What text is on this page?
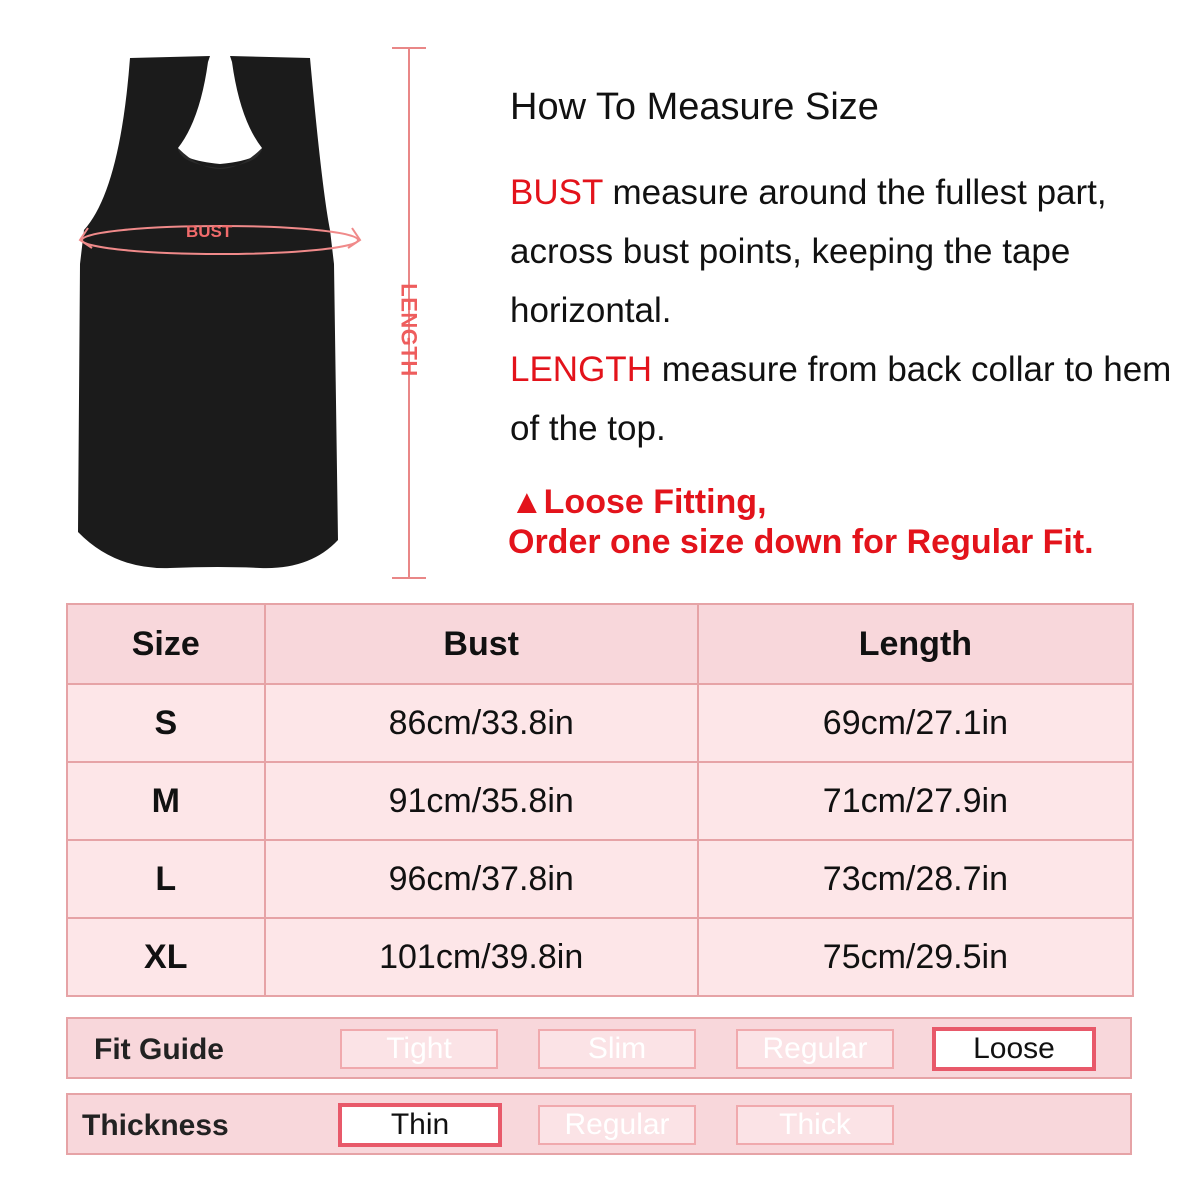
BUST
LENGTH
How To Measure Size
BUST measure around the fullest part, across bust points, keeping the tape horizontal.
LENGTH measure from back collar to hem of the top.
▲Loose Fitting,
Order one size down for Regular Fit.
Size	Bust	Length
S	86cm/33.8in	69cm/27.1in
M	91cm/35.8in	71cm/27.9in
L	96cm/37.8in	73cm/28.7in
XL	101cm/39.8in	75cm/29.5in
Fit Guide	Tight	Slim	Regular	Loose
Thickness	Thin	Regular	Thick
